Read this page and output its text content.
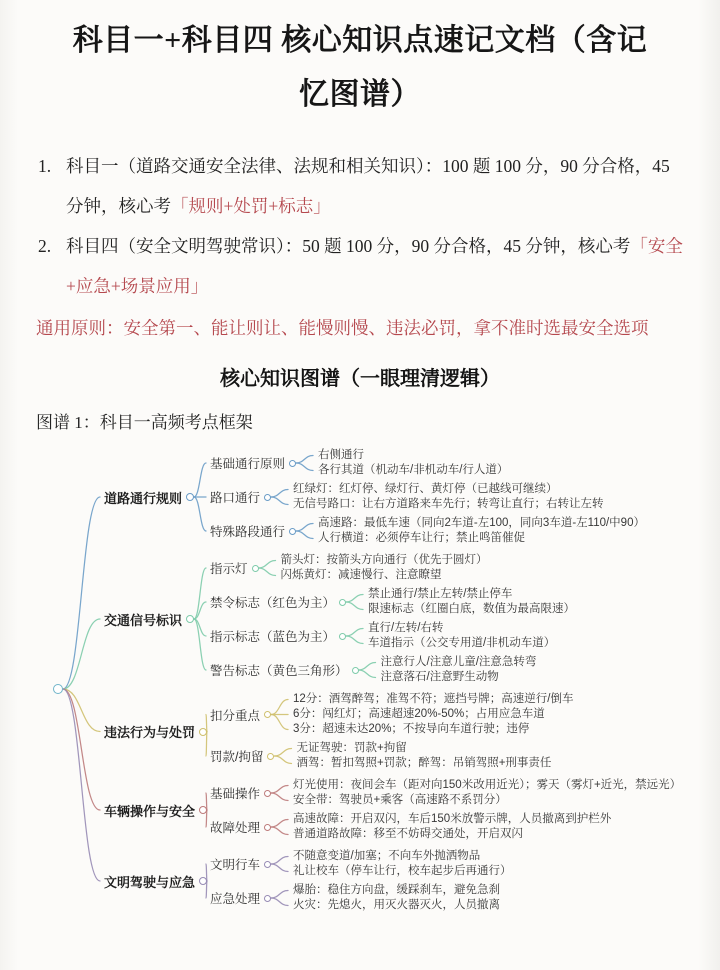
科目一+科目四 核心知识点速记文档（含记忆图谱）
1. 科目一（道路交通安全法律、法规和相关知识）：100 题 100 分，90 分合格，45 分钟，核心考「规则+处罚+标志」
2. 科目四（安全文明驾驶常识）：50 题 100 分，90 分合格，45 分钟，核心考「安全+应急+场景应用」
通用原则：安全第一、能让则让、能慢则慢、违法必罚，拿不准时选最安全选项
核心知识图谱（一眼理清逻辑）
图谱 1：科目一高频考点框架
道路通行规则
基础通行原则
右侧通行
各行其道（机动车/非机动车/行人道）
路口通行
红绿灯：红灯停、绿灯行、黄灯停（已越线可继续）
无信号路口：让右方道路来车先行；转弯让直行；右转让左转
特殊路段通行
高速路：最低车速（同向2车道-左100，同向3车道-左110/中90）
人行横道：必须停车让行；禁止鸣笛催促
交通信号标识
指示灯
箭头灯：按箭头方向通行（优先于圆灯）
闪烁黄灯：减速慢行、注意瞭望
禁令标志（红色为主）
禁止通行/禁止左转/禁止停车
限速标志（红圈白底，数值为最高限速）
指示标志（蓝色为主）
直行/左转/右转
车道指示（公交专用道/非机动车道）
警告标志（黄色三角形）
注意行人/注意儿童/注意急转弯
注意落石/注意野生动物
违法行为与处罚
扣分重点
12分：酒驾醉驾；准驾不符；遮挡号牌；高速逆行/倒车
6分：闯红灯；高速超速20%-50%；占用应急车道
3分：超速未达20%；不按导向车道行驶；违停
罚款/拘留
无证驾驶：罚款+拘留
酒驾：暂扣驾照+罚款；醉驾：吊销驾照+刑事责任
车辆操作与安全
基础操作
灯光使用：夜间会车（距对向150米改用近光）；雾天（雾灯+近光，禁远光）
安全带：驾驶员+乘客（高速路不系罚分）
故障处理
高速故障：开启双闪，车后150米放警示牌，人员撤离到护栏外
普通道路故障：移至不妨碍交通处，开启双闪
文明驾驶与应急
文明行车
不随意变道/加塞；不向车外抛洒物品
礼让校车（停车让行，校车起步后再通行）
应急处理
爆胎：稳住方向盘，缓踩刹车，避免急刹
火灾：先熄火，用灭火器灭火，人员撤离
